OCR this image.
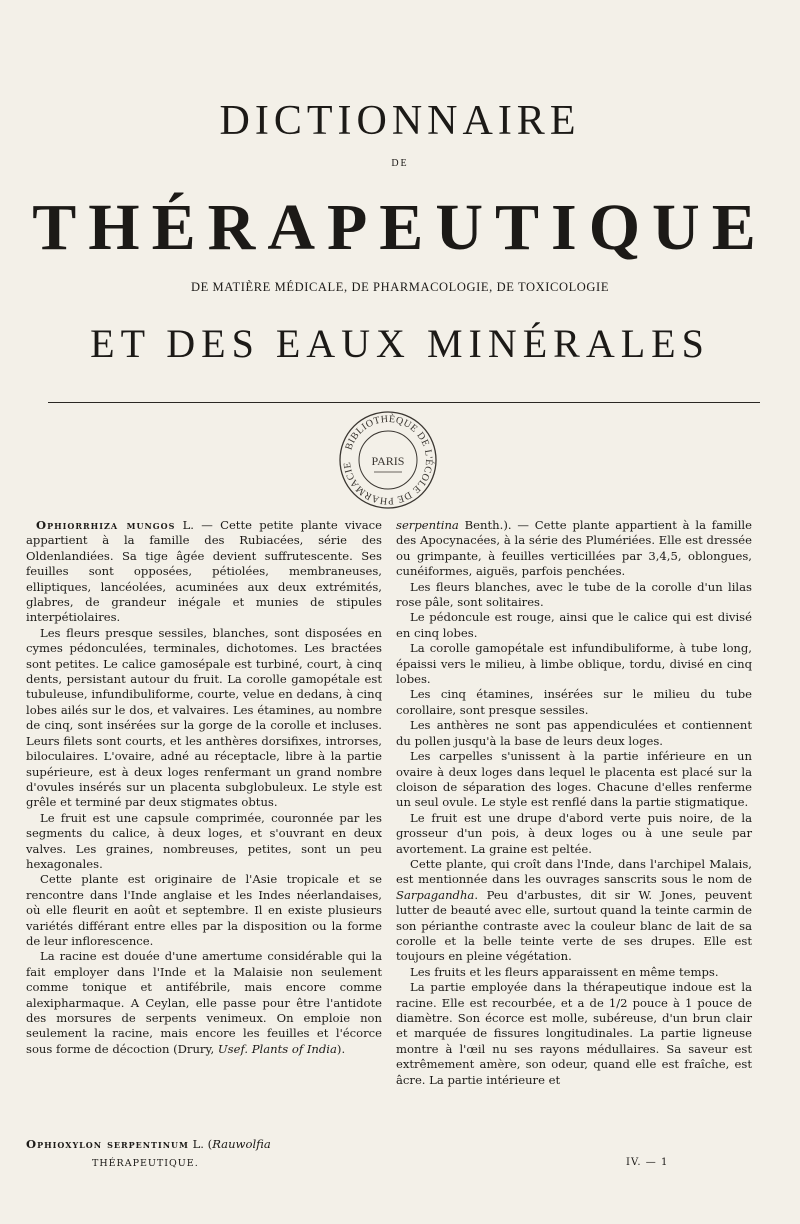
DICTIONNAIRE
DE
THÉRAPEUTIQUE
DE MATIÈRE MÉDICALE, DE PHARMACOLOGIE, DE TOXICOLOGIE
ET DES EAUX MINÉRALES
BIBLIOTHÈQUE DE L'ÉCOLE DE PHARMACIE	PARIS

Ophiorrhiza mungos L. — Cette petite plante vivace appartient à la famille des Rubiacées, série des Oldenlandiées. Sa tige âgée devient suffrutescente. Ses feuilles sont opposées, pétiolées, membraneuses, elliptiques, lancéolées, acuminées aux deux extrémités, glabres, de grandeur inégale et munies de stipules interpétiolaires.

Les fleurs presque sessiles, blanches, sont disposées en cymes pédonculées, terminales, dichotomes. Les bractées sont petites. Le calice gamosépale est turbiné, court, à cinq dents, persistant autour du fruit. La corolle gamopétale est tubuleuse, infundibuliforme, courte, velue en dedans, à cinq lobes ailés sur le dos, et valvaires. Les étamines, au nombre de cinq, sont insérées sur la gorge de la corolle et incluses. Leurs filets sont courts, et les anthères dorsifixes, introrses, biloculaires. L'ovaire, adné au réceptacle, libre à la partie supérieure, est à deux loges renfermant un grand nombre d'ovules insérés sur un placenta subglobuleux. Le style est grêle et terminé par deux stigmates obtus.

Le fruit est une capsule comprimée, couronnée par les segments du calice, à deux loges, et s'ouvrant en deux valves. Les graines, nombreuses, petites, sont un peu hexagonales.

Cette plante est originaire de l'Asie tropicale et se rencontre dans l'Inde anglaise et les Indes néerlandaises, où elle fleurit en août et septembre. Il en existe plusieurs variétés différant entre elles par la disposition ou la forme de leur inflorescence.

La racine est douée d'une amertume considérable qui la fait employer dans l'Inde et la Malaisie non seulement comme tonique et antifébrile, mais encore comme alexipharmaque. A Ceylan, elle passe pour être l'antidote des morsures de serpents venimeux. On emploie non seulement la racine, mais encore les feuilles et l'écorce sous forme de décoction (Drury, Usef. Plants of India).

Ophioxylon serpentinum L. (Rauwolfia

serpentina Benth.). — Cette plante appartient à la famille des Apocynacées, à la série des Plumériées. Elle est dressée ou grimpante, à feuilles verticillées par 3,4,5, oblongues, cunéiformes, aiguës, parfois penchées.

Les fleurs blanches, avec le tube de la corolle d'un lilas rose pâle, sont solitaires.

Le pédoncule est rouge, ainsi que le calice qui est divisé en cinq lobes.

La corolle gamopétale est infundibuliforme, à tube long, épaissi vers le milieu, à limbe oblique, tordu, divisé en cinq lobes.

Les cinq étamines, insérées sur le milieu du tube corollaire, sont presque sessiles.

Les anthères ne sont pas appendiculées et contiennent du pollen jusqu'à la base de leurs deux loges.

Les carpelles s'unissent à la partie inférieure en un ovaire à deux loges dans lequel le placenta est placé sur la cloison de séparation des loges. Chacune d'elles renferme un seul ovule. Le style est renflé dans la partie stigmatique.

Le fruit est une drupe d'abord verte puis noire, de la grosseur d'un pois, à deux loges ou à une seule par avortement. La graine est peltée.

Cette plante, qui croît dans l'Inde, dans l'archipel Malais, est mentionnée dans les ouvrages sanscrits sous le nom de Sarpagandha. Peu d'arbustes, dit sir W. Jones, peuvent lutter de beauté avec elle, surtout quand la teinte carmin de son périanthe contraste avec la couleur blanc de lait de sa corolle et la belle teinte verte de ses drupes. Elle est toujours en pleine végétation.

Les fruits et les fleurs apparaissent en même temps.

La partie employée dans la thérapeutique indoue est la racine. Elle est recourbée, et a de 1/2 pouce à 1 pouce de diamètre. Son écorce est molle, subéreuse, d'un brun clair et marquée de fissures longitudinales. La partie ligneuse montre à l'œil nu ses rayons médullaires. Sa saveur est extrêmement amère, son odeur, quand elle est fraîche, est âcre. La partie intérieure et

THÉRAPEUTIQUE.	IV. — 1
